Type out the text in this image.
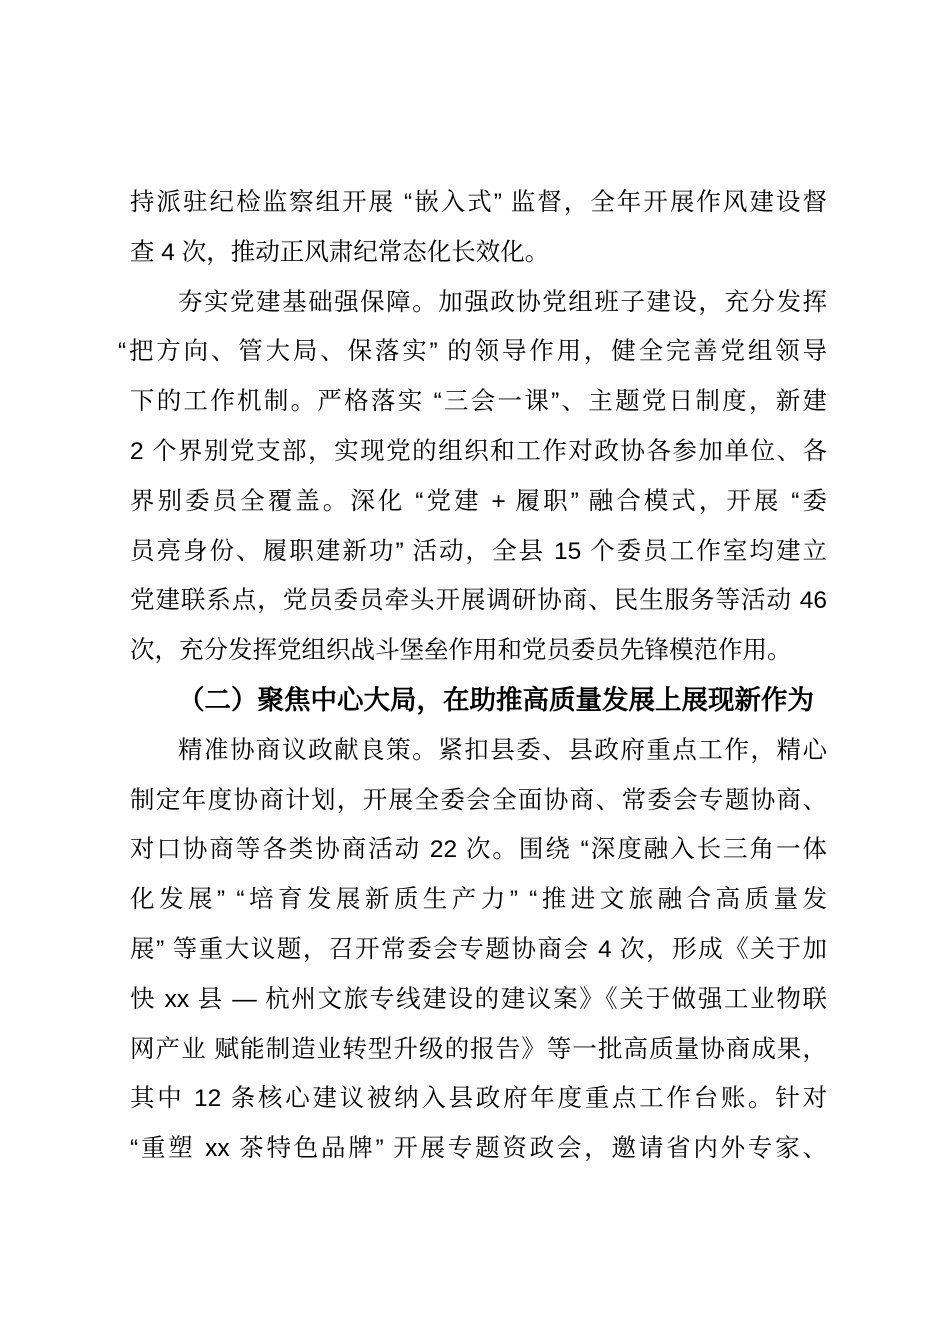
持派驻纪检监察组开展 “嵌入式” 监督，全年开展作风建设督

查 4 次，推动正风肃纪常态化长效化。

夯实党建基础强保障。加强政协党组班子建设，充分发挥

“把方向、管大局、保落实” 的领导作用，健全完善党组领导

下的工作机制。严格落实 “三会一课”、主题党日制度，新建

2 个界别党支部，实现党的组织和工作对政协各参加单位、各

界别委员全覆盖。深化 “党建 + 履职” 融合模式，开展 “委

员亮身份、履职建新功” 活动，全县 15 个委员工作室均建立

党建联系点，党员委员牵头开展调研协商、民生服务等活动 46

次，充分发挥党组织战斗堡垒作用和党员委员先锋模范作用。

（二）聚焦中心大局，在助推高质量发展上展现新作为

精准协商议政献良策。紧扣县委、县政府重点工作，精心

制定年度协商计划，开展全委会全面协商、常委会专题协商、

对口协商等各类协商活动 22 次。围绕 “深度融入长三角一体

化发展” “培育发展新质生产力” “推进文旅融合高质量发

展” 等重大议题，召开常委会专题协商会 4 次，形成《关于加

快 xx 县 — 杭州文旅专线建设的建议案》《关于做强工业物联

网产业 赋能制造业转型升级的报告》等一批高质量协商成果，

其中 12 条核心建议被纳入县政府年度重点工作台账。针对

“重塑 xx 茶特色品牌” 开展专题资政会，邀请省内外专家、
